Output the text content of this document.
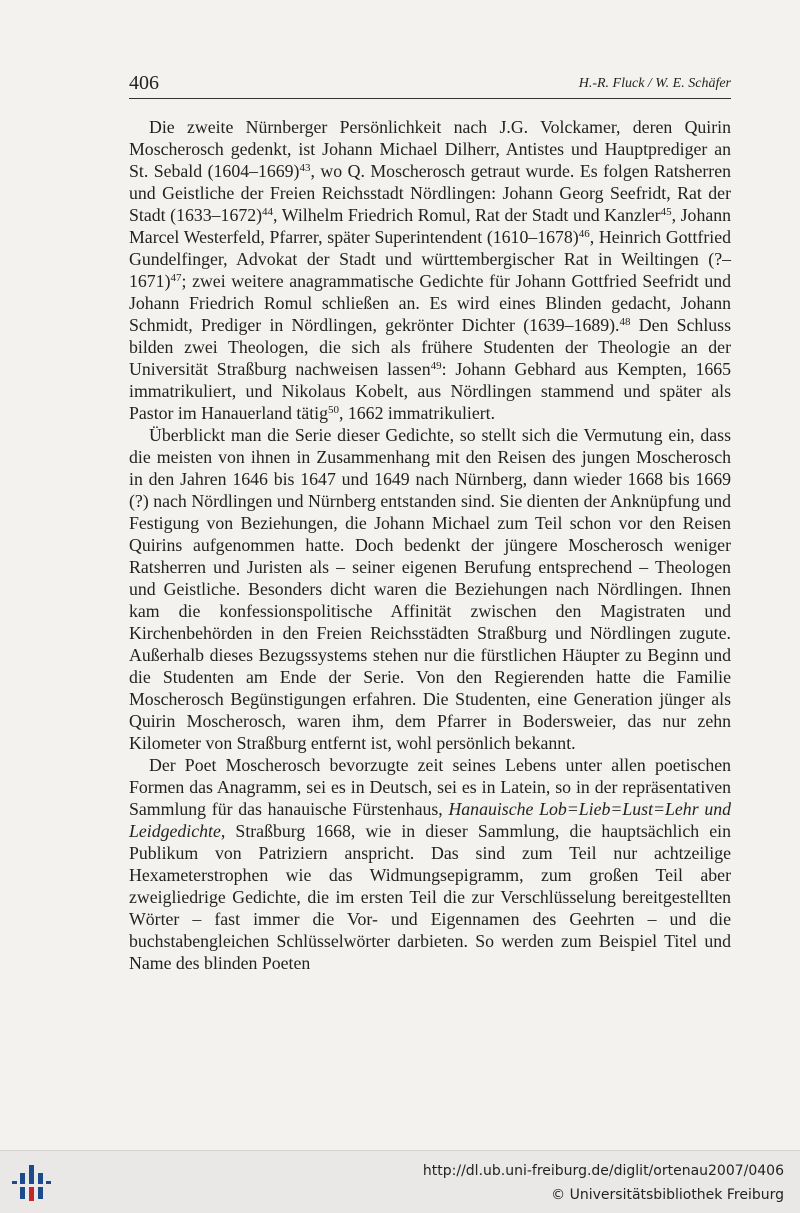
406	H.-R. Fluck / W. E. Schäfer

Die zweite Nürnberger Persönlichkeit nach J.G. Volckamer, deren Quirin Moscherosch gedenkt, ist Johann Michael Dilherr, Antistes und Hauptprediger an St. Sebald (1604–1669)$^{43}$, wo Q. Moscherosch getraut wurde. Es folgen Ratsherren und Geistliche der Freien Reichsstadt Nördlingen: Johann Georg Seefridt, Rat der Stadt (1633–1672)$^{44}$, Wilhelm Friedrich Romul, Rat der Stadt und Kanzler$^{45}$, Johann Marcel Westerfeld, Pfarrer, später Superintendent (1610–1678)$^{46}$, Heinrich Gottfried Gundelfinger, Advokat der Stadt und württembergischer Rat in Weiltingen (?–1671)$^{47}$; zwei weitere anagrammatische Gedichte für Johann Gottfried Seefridt und Johann Friedrich Romul schließen an. Es wird eines Blinden gedacht, Johann Schmidt, Prediger in Nördlingen, gekrönter Dichter (1639–1689).$^{48}$ Den Schluss bilden zwei Theologen, die sich als frühere Studenten der Theologie an der Universität Straßburg nachweisen lassen$^{49}$: Johann Gebhard aus Kempten, 1665 immatrikuliert, und Nikolaus Kobelt, aus Nördlingen stammend und später als Pastor im Hanauerland tätig$^{50}$, 1662 immatrikuliert.

Überblickt man die Serie dieser Gedichte, so stellt sich die Vermutung ein, dass die meisten von ihnen in Zusammenhang mit den Reisen des jungen Moscherosch in den Jahren 1646 bis 1647 und 1649 nach Nürnberg, dann wieder 1668 bis 1669 (?) nach Nördlingen und Nürnberg entstanden sind. Sie dienten der Anknüpfung und Festigung von Beziehungen, die Johann Michael zum Teil schon vor den Reisen Quirins aufgenommen hatte. Doch bedenkt der jüngere Moscherosch weniger Ratsherren und Juristen als – seiner eigenen Berufung entsprechend – Theologen und Geistliche. Besonders dicht waren die Beziehungen nach Nördlingen. Ihnen kam die konfessionspolitische Affinität zwischen den Magistraten und Kirchenbehörden in den Freien Reichsstädten Straßburg und Nördlingen zugute. Außerhalb dieses Bezugssystems stehen nur die fürstlichen Häupter zu Beginn und die Studenten am Ende der Serie. Von den Regierenden hatte die Familie Moscherosch Begünstigungen erfahren. Die Studenten, eine Generation jünger als Quirin Moscherosch, waren ihm, dem Pfarrer in Bodersweier, das nur zehn Kilometer von Straßburg entfernt ist, wohl persönlich bekannt.

Der Poet Moscherosch bevorzugte zeit seines Lebens unter allen poetischen Formen das Anagramm, sei es in Deutsch, sei es in Latein, so in der repräsentativen Sammlung für das hanauische Fürstenhaus, Hanauische Lob=Lieb=Lust=Lehr und Leidgedichte, Straßburg 1668, wie in dieser Sammlung, die hauptsächlich ein Publikum von Patriziern anspricht. Das sind zum Teil nur achtzeilige Hexameterstrophen wie das Widmungsepigramm, zum großen Teil aber zweigliedrige Gedichte, die im ersten Teil die zur Verschlüsselung bereitgestellten Wörter – fast immer die Vor- und Eigennamen des Geehrten – und die buchstabengleichen Schlüsselwörter darbieten. So werden zum Beispiel Titel und Name des blinden Poeten

http://dl.ub.uni-freiburg.de/diglit/ortenau2007/0406
© Universitätsbibliothek Freiburg
